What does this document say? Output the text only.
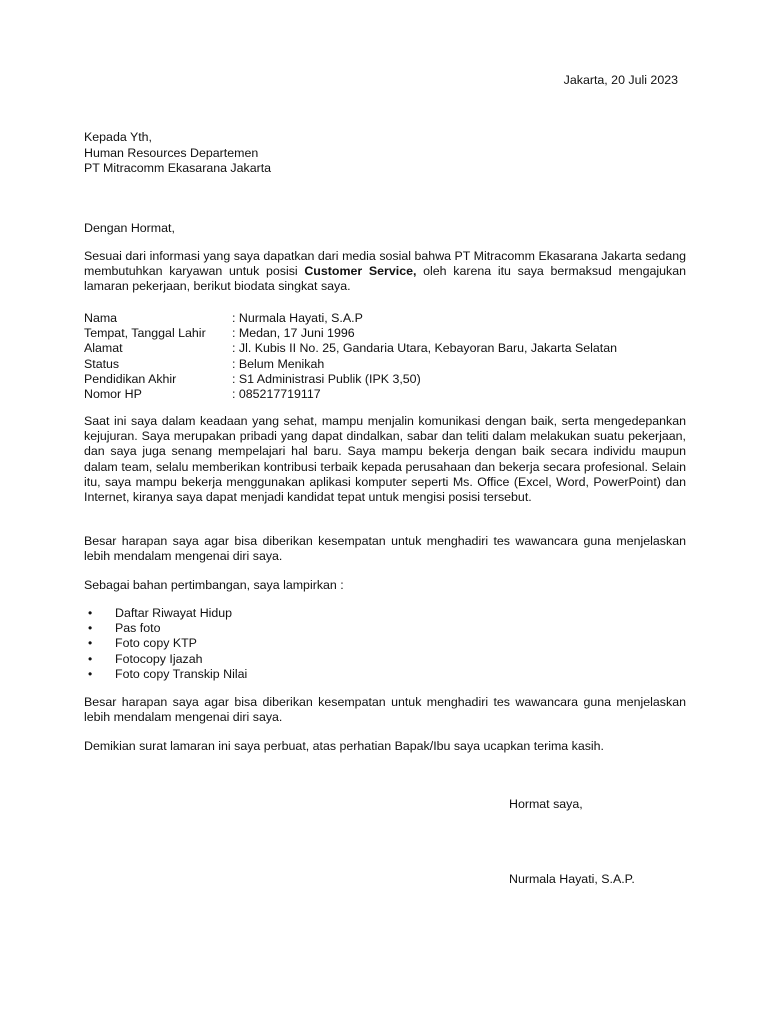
Jakarta, 20 Juli 2023
Kepada Yth,
Human Resources Departemen
PT Mitracomm Ekasarana Jakarta
Dengan Hormat,
Sesuai dari informasi yang saya dapatkan dari media sosial bahwa PT Mitracomm Ekasarana Jakarta sedang membutuhkan karyawan untuk posisi Customer Service, oleh karena itu saya bermaksud mengajukan lamaran pekerjaan, berikut biodata singkat saya.
Nama	: Nurmala Hayati, S.A.P
Tempat, Tanggal Lahir	: Medan, 17 Juni 1996
Alamat	: Jl. Kubis II No. 25, Gandaria Utara, Kebayoran Baru, Jakarta Selatan
Status	: Belum Menikah
Pendidikan Akhir	: S1 Administrasi Publik (IPK 3,50)
Nomor HP	: 085217719117
Saat ini saya dalam keadaan yang sehat, mampu menjalin komunikasi dengan baik, serta mengedepankan kejujuran. Saya merupakan pribadi yang dapat dindalkan, sabar dan teliti dalam melakukan suatu pekerjaan, dan saya juga senang mempelajari hal baru. Saya mampu bekerja dengan baik secara individu maupun dalam team, selalu memberikan kontribusi terbaik kepada perusahaan dan bekerja secara profesional. Selain itu, saya mampu bekerja menggunakan aplikasi komputer seperti Ms. Office (Excel, Word, PowerPoint) dan Internet, kiranya saya dapat menjadi kandidat tepat untuk mengisi posisi tersebut.
Besar harapan saya agar bisa diberikan kesempatan untuk menghadiri tes wawancara guna menjelaskan lebih mendalam mengenai diri saya.
Sebagai bahan pertimbangan, saya lampirkan :
•	Daftar Riwayat Hidup
•	Pas foto
•	Foto copy KTP
•	Fotocopy Ijazah
•	Foto copy Transkip Nilai
Besar harapan saya agar bisa diberikan kesempatan untuk menghadiri tes wawancara guna menjelaskan lebih mendalam mengenai diri saya.
Demikian surat lamaran ini saya perbuat, atas perhatian Bapak/Ibu saya ucapkan terima kasih.
Hormat saya,
Nurmala Hayati, S.A.P.
